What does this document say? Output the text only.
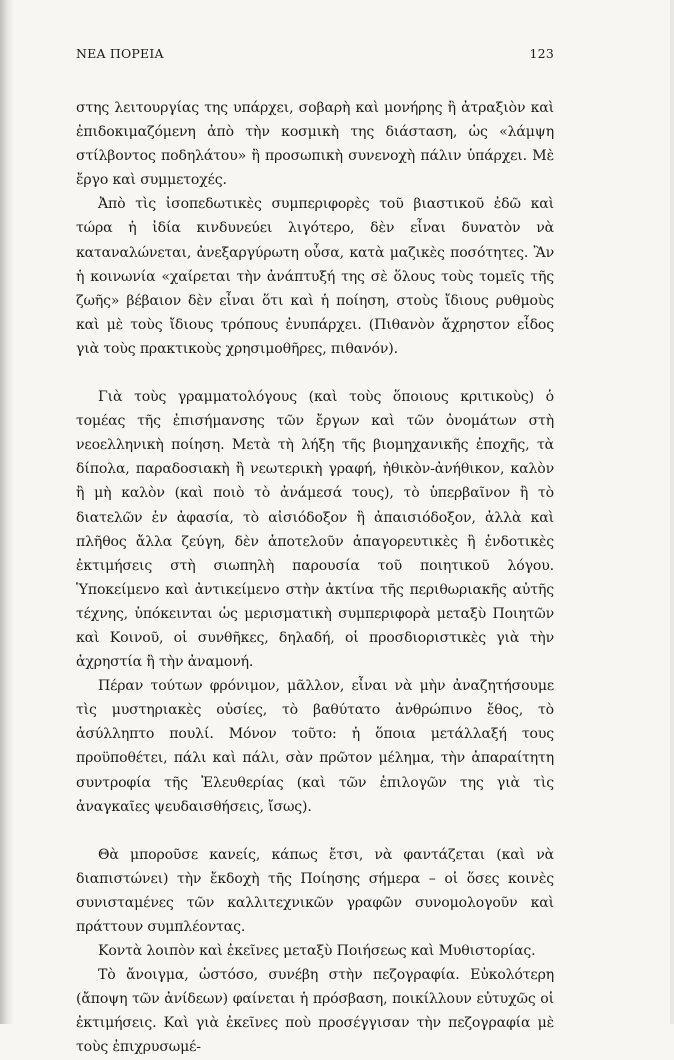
ΝΕΑ ΠΟΡΕΙΑ	123

στης λειτουργίας της υπάρχει, σοβαρὴ καὶ μονήρης ἢ ἀτραξιὸν καὶ ἐπιδοκιμαζόμενη ἀπὸ τὴν κοσμικὴ της διάσταση, ὡς «λάμψη στίλβοντος ποδηλάτου» ἢ προσωπικὴ συνενοχὴ πάλιν ὑπάρχει. Μὲ ἔργο καὶ συμμετοχές.

Ἀπὸ τὶς ἰσοπεδωτικὲς συμπεριφορὲς τοῦ βιαστικοῦ ἐδῶ καὶ τώρα ἡ ἰδία κινδυνεύει λιγότερο, δὲν εἶναι δυνατὸν νὰ καταναλώνεται, ἀνεξαργύρωτη οὖσα, κατὰ μαζικὲς ποσότητες. Ἂν ἡ κοινωνία «χαίρεται τὴν ἀνάπτυξή της σὲ ὅλους τοὺς τομεῖς τῆς ζωῆς» βέβαιον δὲν εἶναι ὅτι καὶ ἡ ποίηση, στοὺς ἴδιους ρυθμοὺς καὶ μὲ τοὺς ἴδιους τρόπους ἐνυπάρχει. (Πιθανὸν ἄχρηστον εἶδος γιὰ τοὺς πρακτικοὺς χρησιμοθῆρες, πιθανόν).

Γιὰ τοὺς γραμματολόγους (καὶ τοὺς ὅποιους κριτικοὺς) ὁ τομέας τῆς ἐπισήμανσης τῶν ἔργων καὶ τῶν ὀνομάτων στὴ νεοελληνικὴ ποίηση. Μετὰ τὴ λήξη τῆς βιομηχανικῆς ἐποχῆς, τὰ δίπολα, παραδοσιακὴ ἢ νεωτερικὴ γραφή, ἠθικὸν-ἀνήθικον, καλὸν ἢ μὴ καλὸν (καὶ ποιὸ τὸ ἀνάμεσά τους), τὸ ὑπερβαῖνον ἢ τὸ διατελῶν ἐν ἀφασία, τὸ αἰσιόδοξον ἢ ἀπαισιόδοξον, ἀλλὰ καὶ πλῆθος ἄλλα ζεύγη, δὲν ἀποτελοῦν ἀπαγορευτικὲς ἢ ἐνδοτικὲς ἐκτιμήσεις στὴ σιωπηλὴ παρουσία τοῦ ποιητικοῦ λόγου. Ὑποκείμενο καὶ ἀντικείμενο στὴν ἀκτίνα τῆς περιθωριακῆς αὐτῆς τέχνης, ὑπόκεινται ὡς μερισματικὴ συμπεριφορὰ μεταξὺ Ποιητῶν καὶ Κοινοῦ, οἱ συνθῆκες, δηλαδή, οἱ προσδιοριστικὲς γιὰ τὴν ἀχρηστία ἢ τὴν ἀναμονή.

Πέραν τούτων φρόνιμον, μᾶλλον, εἶναι νὰ μὴν ἀναζητήσουμε τὶς μυστηριακὲς οὐσίες, τὸ βαθύτατο ἀνθρώπινο ἔθος, τὸ ἀσύλληπτο πουλί. Μόνον τοῦτο: ἡ ὅποια μετάλλαξή τους προϋποθέτει, πάλι καὶ πάλι, σὰν πρῶτον μέλημα, τὴν ἀπαραίτητη συντροφία τῆς Ἐλευθερίας (καὶ τῶν ἐπιλογῶν της γιὰ τὶς ἀναγκαῖες ψευδαισθήσεις, ἴσως).

Θὰ μποροῦσε κανείς, κάπως ἔτσι, νὰ φαντάζεται (καὶ νὰ διαπιστώνει) τὴν ἔκδοχὴ τῆς Ποίησης σήμερα – οἱ ὅσες κοινὲς συνισταμένες τῶν καλλιτεχνικῶν γραφῶν συνομολογοῦν καὶ πράττουν συμπλέοντας.

Κοντὰ λοιπὸν καὶ ἐκεῖνες μεταξὺ Ποιήσεως καὶ Μυθιστορίας.

Τὸ ἄνοιγμα, ὡστόσο, συνέβη στὴν πεζογραφία. Εὐκολότερη (ἄποψη τῶν ἀνίδεων) φαίνεται ἡ πρόσβαση, ποικίλλουν εὐτυχῶς οἱ ἐκτιμήσεις. Καὶ γιὰ ἐκεῖνες ποὺ προσέγγισαν τὴν πεζογραφία μὲ τοὺς ἐπιχρυσωμέ-
